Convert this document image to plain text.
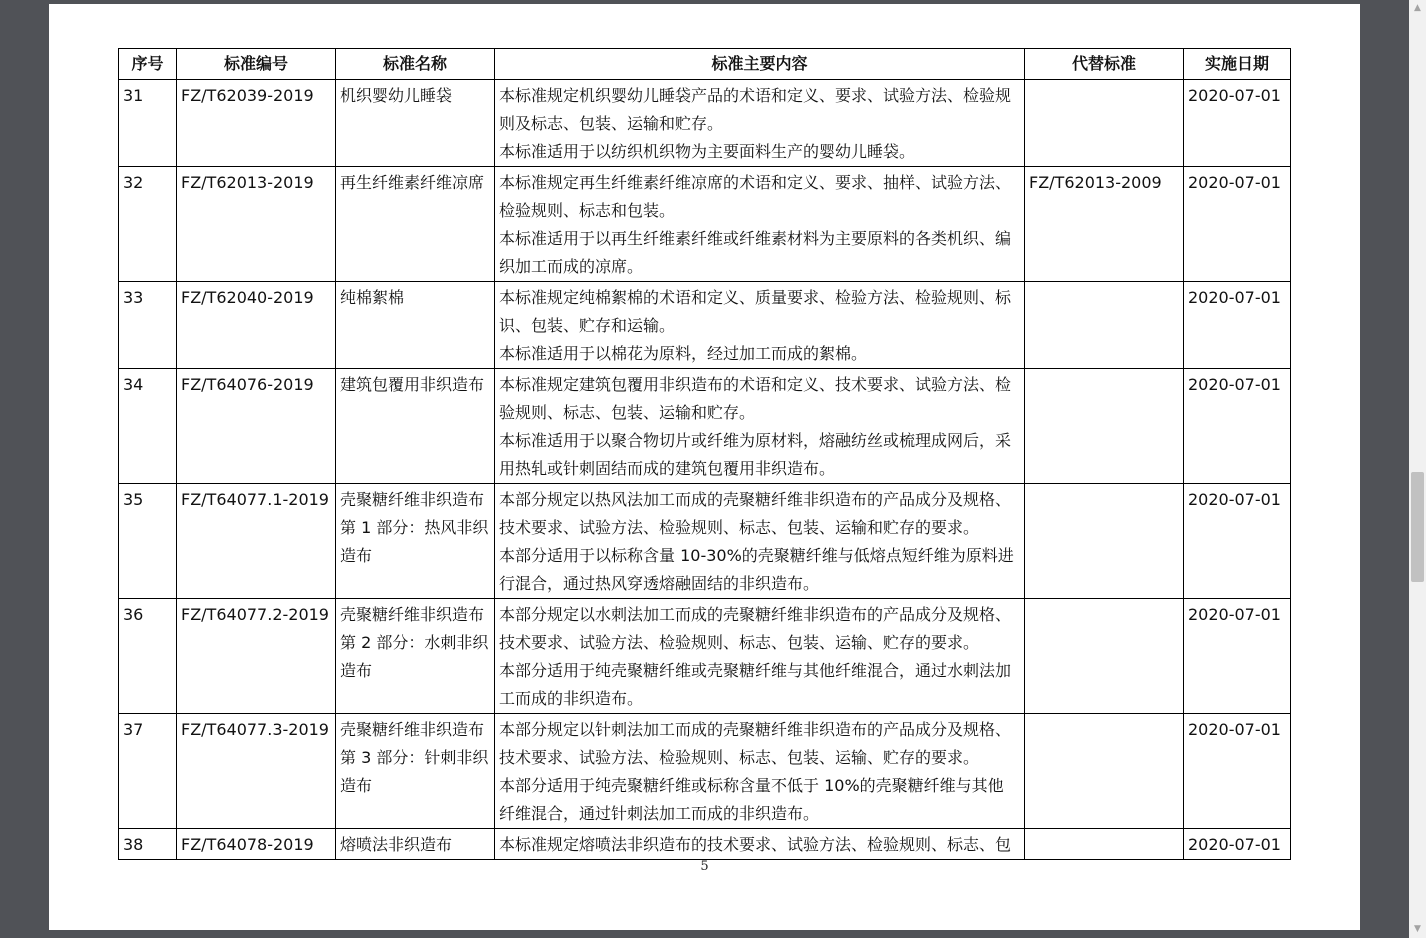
序号	标准编号	标准名称	标准主要内容	代替标准	实施日期
31	FZ/T62039-2019	机织婴幼儿睡袋	本标准规定机织婴幼儿睡袋产品的术语和定义、要求、试验方法、检验规
则及标志、包装、运输和贮存。
本标准适用于以纺织机织物为主要面料生产的婴幼儿睡袋。		2020-07-01
32	FZ/T62013-2019	再生纤维素纤维凉席	本标准规定再生纤维素纤维凉席的术语和定义、要求、抽样、试验方法、
检验规则、标志和包装。
本标准适用于以再生纤维素纤维或纤维素材料为主要原料的各类机织、编
织加工而成的凉席。	FZ/T62013-2009	2020-07-01
33	FZ/T62040-2019	纯棉絮棉	本标准规定纯棉絮棉的术语和定义、质量要求、检验方法、检验规则、标
识、包装、贮存和运输。
本标准适用于以棉花为原料，经过加工而成的絮棉。		2020-07-01
34	FZ/T64076-2019	建筑包覆用非织造布	本标准规定建筑包覆用非织造布的术语和定义、技术要求、试验方法、检
验规则、标志、包装、运输和贮存。
本标准适用于以聚合物切片或纤维为原材料，熔融纺丝或梳理成网后，采
用热轧或针刺固结而成的建筑包覆用非织造布。		2020-07-01
35	FZ/T64077.1-2019	壳聚糖纤维非织造布
第 1 部分：热风非织
造布	本部分规定以热风法加工而成的壳聚糖纤维非织造布的产品成分及规格、
技术要求、试验方法、检验规则、标志、包装、运输和贮存的要求。
本部分适用于以标称含量 10-30%的壳聚糖纤维与低熔点短纤维为原料进
行混合，通过热风穿透熔融固结的非织造布。		2020-07-01
36	FZ/T64077.2-2019	壳聚糖纤维非织造布
第 2 部分：水刺非织
造布	本部分规定以水刺法加工而成的壳聚糖纤维非织造布的产品成分及规格、
技术要求、试验方法、检验规则、标志、包装、运输、贮存的要求。
本部分适用于纯壳聚糖纤维或壳聚糖纤维与其他纤维混合，通过水刺法加
工而成的非织造布。		2020-07-01
37	FZ/T64077.3-2019	壳聚糖纤维非织造布
第 3 部分：针刺非织
造布	本部分规定以针刺法加工而成的壳聚糖纤维非织造布的产品成分及规格、
技术要求、试验方法、检验规则、标志、包装、运输、贮存的要求。
本部分适用于纯壳聚糖纤维或标称含量不低于 10%的壳聚糖纤维与其他
纤维混合，通过针刺法加工而成的非织造布。		2020-07-01
38	FZ/T64078-2019	熔喷法非织造布	本标准规定熔喷法非织造布的技术要求、试验方法、检验规则、标志、包		2020-07-01
5
▲
▼
